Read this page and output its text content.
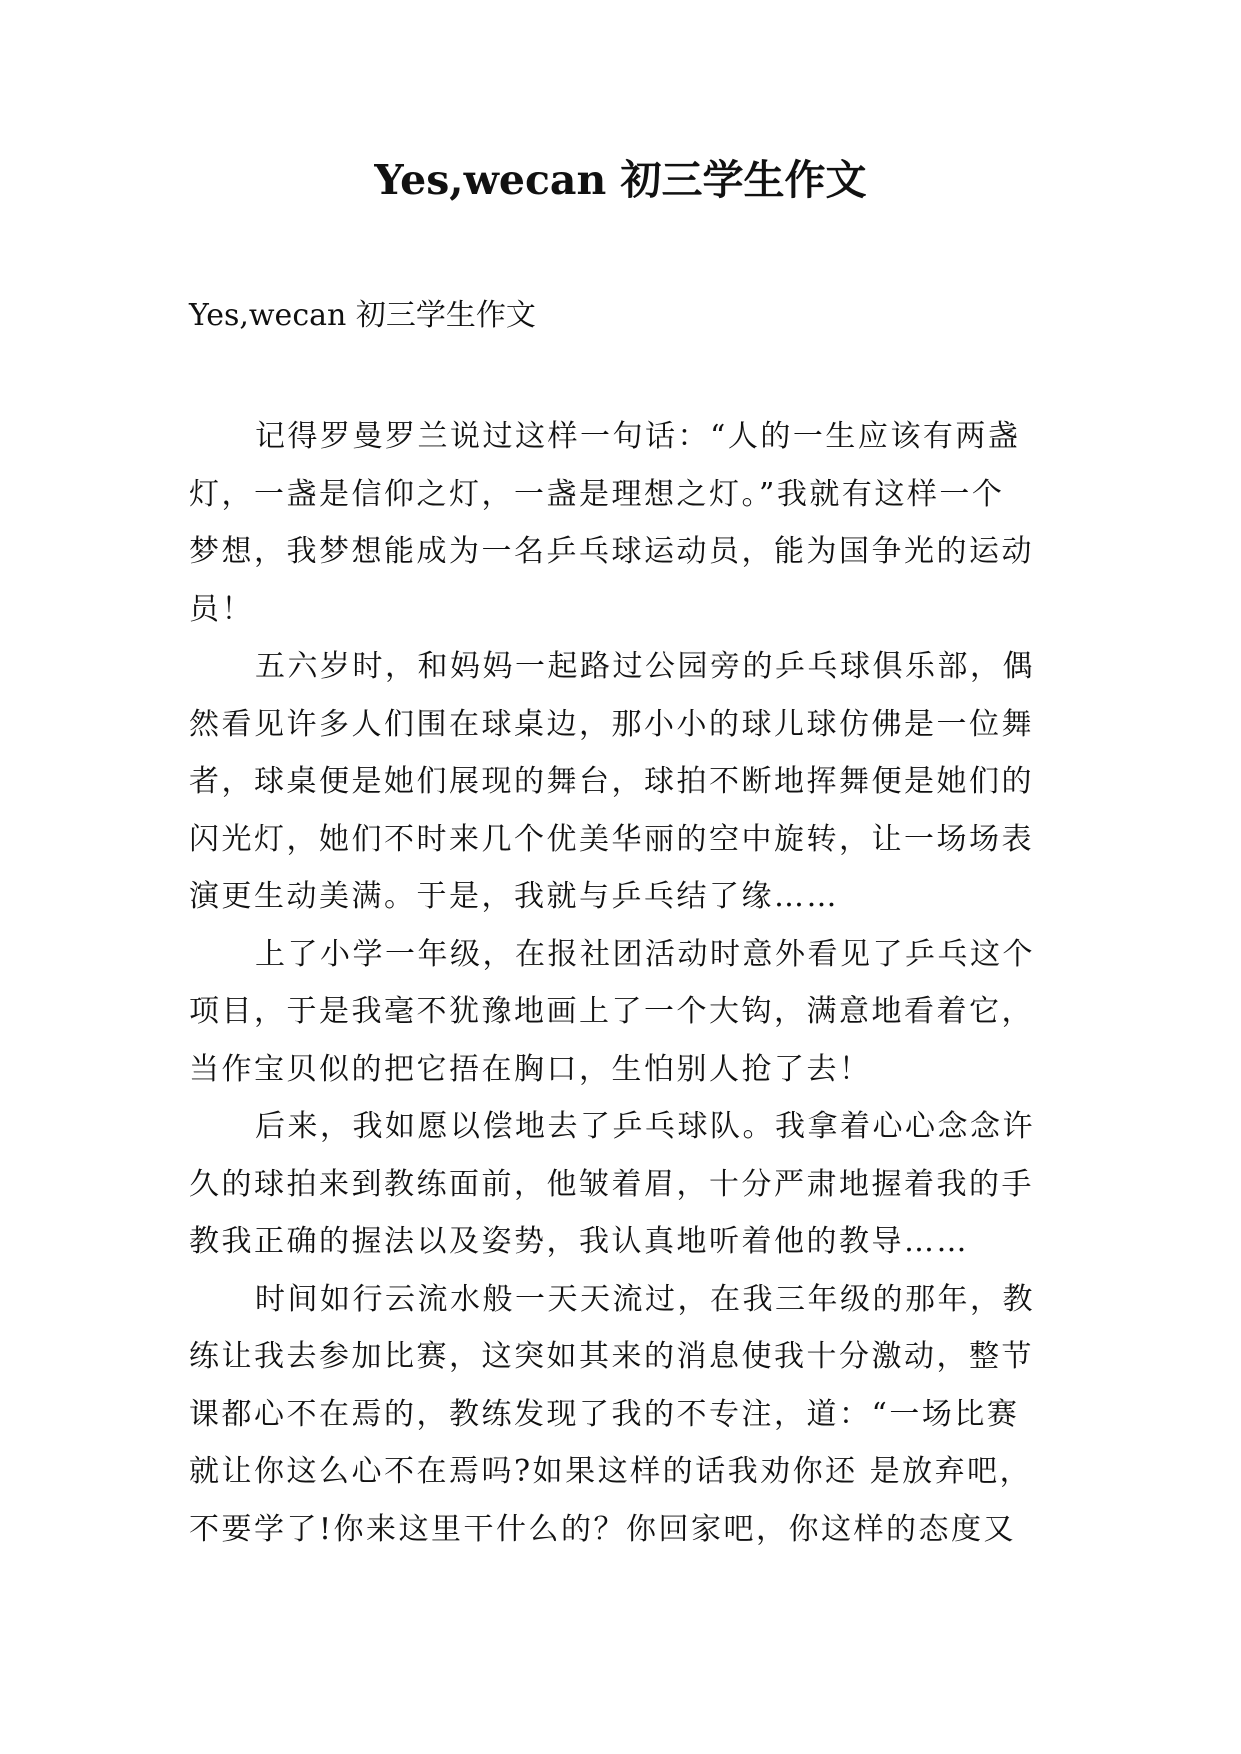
Yes,wecan 初三学生作文
Yes,wecan 初三学生作文
记得罗曼罗兰说过这样一句话：“人的一生应该有两盏
灯，一盏是信仰之灯，一盏是理想之灯。”我就有这样一个
梦想，我梦想能成为一名乒乓球运动员，能为国争光的运动
员！
五六岁时，和妈妈一起路过公园旁的乒乓球俱乐部，偶
然看见许多人们围在球桌边，那小小的球儿球仿佛是一位舞
者，球桌便是她们展现的舞台，球拍不断地挥舞便是她们的
闪光灯，她们不时来几个优美华丽的空中旋转，让一场场表
演更生动美满。于是，我就与乒乓结了缘……
上了小学一年级，在报社团活动时意外看见了乒乓这个
项目，于是我毫不犹豫地画上了一个大钩，满意地看着它，
当作宝贝似的把它捂在胸口，生怕别人抢了去！
后来，我如愿以偿地去了乒乓球队。我拿着心心念念许
久的球拍来到教练面前，他皱着眉，十分严肃地握着我的手
教我正确的握法以及姿势，我认真地听着他的教导……
时间如行云流水般一天天流过，在我三年级的那年，教
练让我去参加比赛，这突如其来的消息使我十分激动，整节
课都心不在焉的，教练发现了我的不专注，道：“一场比赛
就让你这么心不在焉吗?如果这样的话我劝你还 是放弃吧，
不要学了!你来这里干什么的？你回家吧，你这样的态度又
